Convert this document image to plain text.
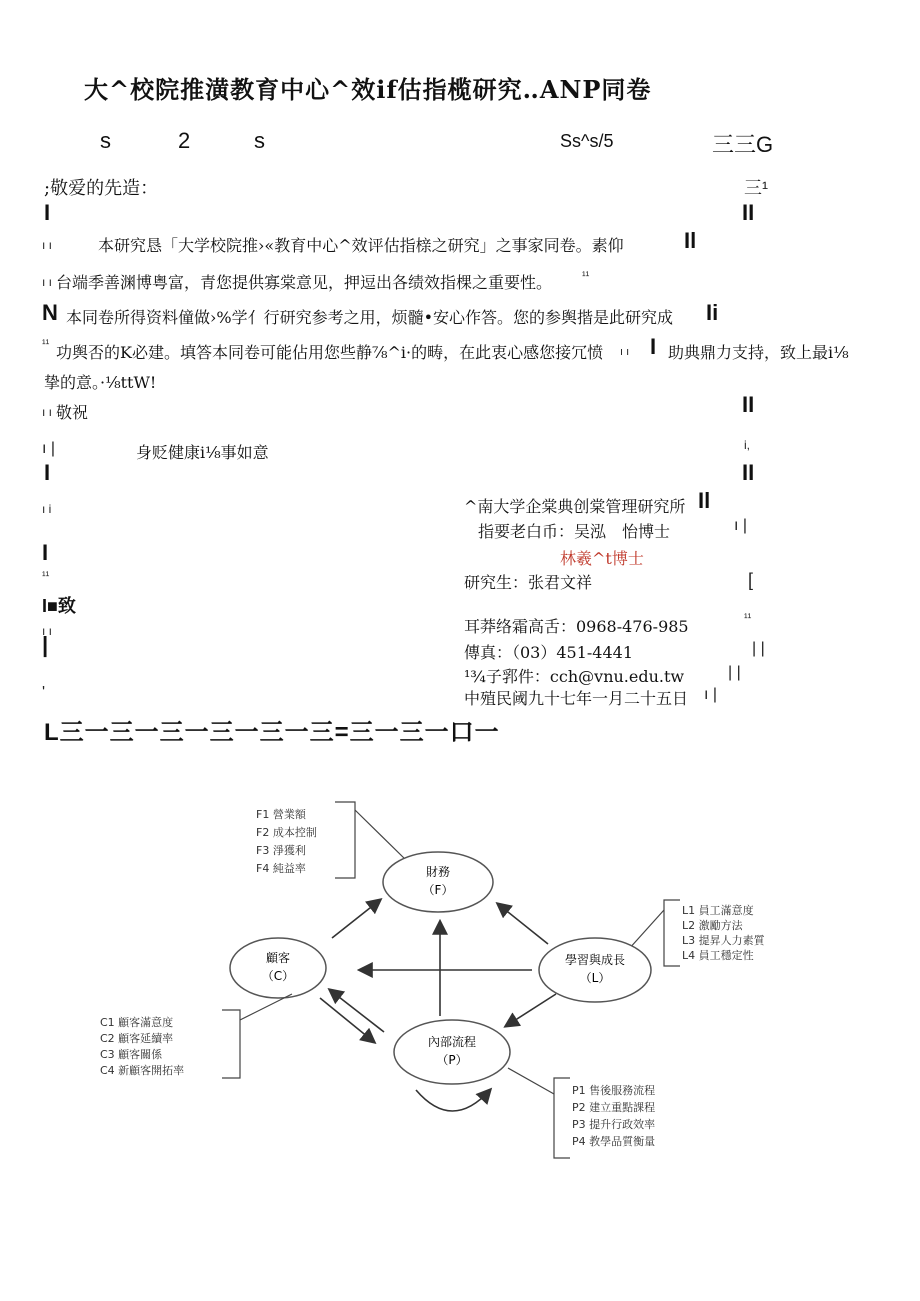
大^校院推潢教育中心^效if估指榄研究‥ANP同卷
s	2	s	Ss^s/5	三三G
;敬爱的先造：	三¹
I	II
ı ı	本研究恳「大学校院推›«教育中心^效评估指榇之研究」之事家同卷。素仰	Il
ı ı 台端季善渊博粤富，青您提供寡棠意见，押逗出各绩效指棵之重要性。	¹¹
N 本同卷所得资料僮做›%学亻行研究参考之用，烦髓•安心作答。您的参舆揩是此研究成 Ii
¹¹ 功舆否的K必建。填答本同卷可能佔用您些静⅞^i·的畴，在此衷心感您接冗愤 ı ı I 助典鼎力支持，致上最i⅛
挚的意。·⅛ttW!
ı ı 敬祝	II
ı |	身贬健康i⅛事如意	i,
I	II
ı i	^南大学企棠典创棠管理研究所 Il
指要老白币：吴泓　怡博士	ı |
I	林羲^t博士
¹¹	研究生：张君文祥	[
I■致
ı ı	耳莽络霜高舌：0968-476-985	¹¹
|	傳真：（03）451-4441	| |
¹¾子郛件：cch@vnu.edu.tw	| |
'	中殖民阈九十七年一月二十五日 ı |
L三一三一三一三一三一三=三一三一口一
F1 營業額
F2 成本控制
F3 淨獲利
F4 純益率	財務
（F）
L1 員工滿意度
L2 激勵方法
L3 提昇人力素質
L4 員工穩定性
學習與成長
（L）
顧客
（C）
C1 顧客滿意度
C2 顧客延續率
C3 顧客關係
C4 新顧客開拓率
內部流程
（P）
P1 售後服務流程
P2 建立重點課程
P3 提升行政效率
P4 教學品質衡量
